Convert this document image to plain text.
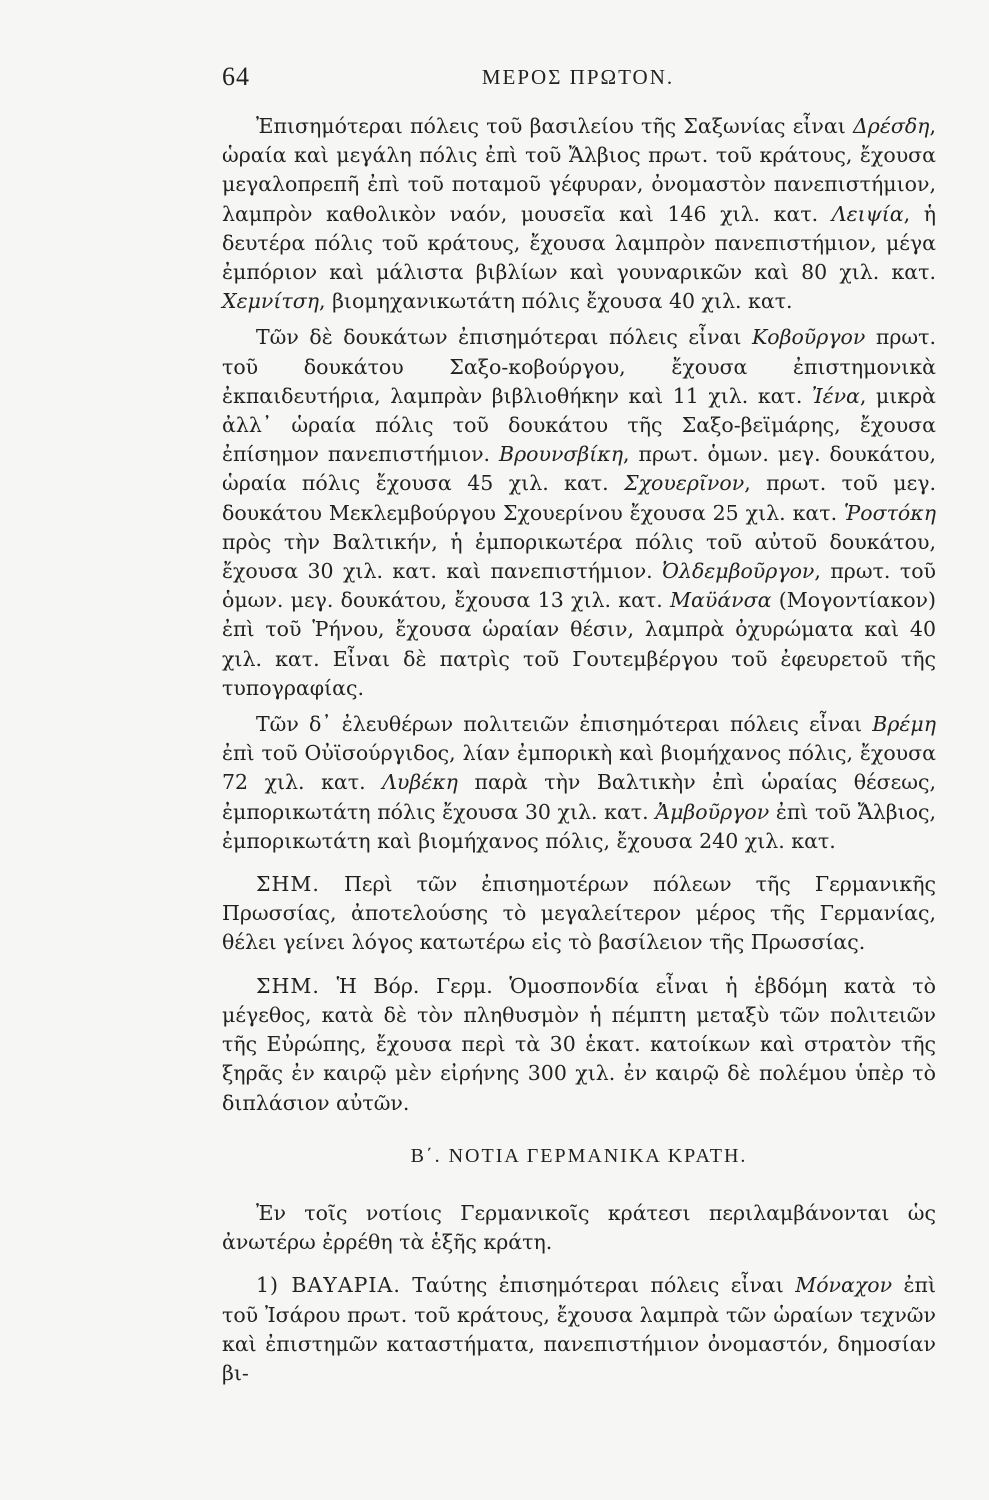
64	ΜΕΡΟΣ ΠΡΩΤΟΝ.

Ἐπισημότεραι πόλεις τοῦ βασιλείου τῆς Σαξωνίας εἶναι Δρέσδη, ὡραία καὶ μεγάλη πόλις ἐπὶ τοῦ Ἄλβιος πρωτ. τοῦ κράτους, ἔχουσα μεγαλοπρεπῆ ἐπὶ τοῦ ποταμοῦ γέφυραν, ὀνομαστὸν πανεπιστήμιον, λαμπρὸν καθολικὸν ναόν, μουσεῖα καὶ 146 χιλ. κατ. Λειψία, ἡ δευτέρα πόλις τοῦ κράτους, ἔχουσα λαμπρὸν πανεπιστήμιον, μέγα ἐμπόριον καὶ μάλιστα βιβλίων καὶ γουναρικῶν καὶ 80 χιλ. κατ. Χεμνίτση, βιομηχανικωτάτη πόλις ἔχουσα 40 χιλ. κατ.

Τῶν δὲ δουκάτων ἐπισημότεραι πόλεις εἶναι Κοβοῦργον πρωτ. τοῦ δουκάτου Σαξο-κοβούργου, ἔχουσα ἐπιστημονικὰ ἐκπαιδευτήρια, λαμπρὰν βιβλιοθήκην καὶ 11 χιλ. κατ. Ἰένα, μικρὰ ἀλλ᾽ ὡραία πόλις τοῦ δουκάτου τῆς Σαξο-βεϊμάρης, ἔχουσα ἐπίσημον πανεπιστήμιον. Βρουνσβίκη, πρωτ. ὁμων. μεγ. δουκάτου, ὡραία πόλις ἔχουσα 45 χιλ. κατ. Σχουερῖνον, πρωτ. τοῦ μεγ. δουκάτου Μεκλεμβούργου Σχουερίνου ἔχουσα 25 χιλ. κατ. Ῥοστόκη πρὸς τὴν Βαλτικήν, ἡ ἐμπορικωτέρα πόλις τοῦ αὐτοῦ δουκάτου, ἔχουσα 30 χιλ. κατ. καὶ πανεπιστήμιον. Ὀλδεμβοῦργον, πρωτ. τοῦ ὁμων. μεγ. δουκάτου, ἔχουσα 13 χιλ. κατ. Μαϋάνσα (Μογοντίακον) ἐπὶ τοῦ Ῥήνου, ἔχουσα ὡραίαν θέσιν, λαμπρὰ ὀχυρώματα καὶ 40 χιλ. κατ. Εἶναι δὲ πατρὶς τοῦ Γουτεμβέργου τοῦ ἐφευρετοῦ τῆς τυπογραφίας.

Τῶν δ᾽ ἐλευθέρων πολιτειῶν ἐπισημότεραι πόλεις εἶναι Βρέμη ἐπὶ τοῦ Οὐϊσούργιδος, λίαν ἐμπορικὴ καὶ βιομήχανος πόλις, ἔχουσα 72 χιλ. κατ. Λυβέκη παρὰ τὴν Βαλτικὴν ἐπὶ ὡραίας θέσεως, ἐμπορικωτάτη πόλις ἔχουσα 30 χιλ. κατ. Ἀμβοῦργον ἐπὶ τοῦ Ἄλβιος, ἐμπορικωτάτη καὶ βιομήχανος πόλις, ἔχουσα 240 χιλ. κατ.

ΣΗΜ. Περὶ τῶν ἐπισημοτέρων πόλεων τῆς Γερμανικῆς Πρωσσίας, ἀποτελούσης τὸ μεγαλείτερον μέρος τῆς Γερμανίας, θέλει γείνει λόγος κατωτέρω εἰς τὸ βασίλειον τῆς Πρωσσίας.

ΣΗΜ. Ἡ Βόρ. Γερμ. Ὁμοσπονδία εἶναι ἡ ἑβδόμη κατὰ τὸ μέγεθος, κατὰ δὲ τὸν πληθυσμὸν ἡ πέμπτη μεταξὺ τῶν πολιτειῶν τῆς Εὐρώπης, ἔχουσα περὶ τὰ 30 ἑκατ. κατοίκων καὶ στρατὸν τῆς ξηρᾶς ἐν καιρῷ μὲν εἰρήνης 300 χιλ. ἐν καιρῷ δὲ πολέμου ὑπὲρ τὸ διπλάσιον αὐτῶν.

Β΄. ΝΟΤΙΑ ΓΕΡΜΑΝΙΚΑ ΚΡΑΤΗ.

Ἐν τοῖς νοτίοις Γερμανικοῖς κράτεσι περιλαμβάνονται ὡς ἀνωτέρω ἐρρέθη τὰ ἑξῆς κράτη.

1) ΒΑΥΑΡΙΑ. Ταύτης ἐπισημότεραι πόλεις εἶναι Μόναχον ἐπὶ τοῦ Ἰσάρου πρωτ. τοῦ κράτους, ἔχουσα λαμπρὰ τῶν ὡραίων τεχνῶν καὶ ἐπιστημῶν καταστήματα, πανεπιστήμιον ὀνομαστόν, δημοσίαν βι-
